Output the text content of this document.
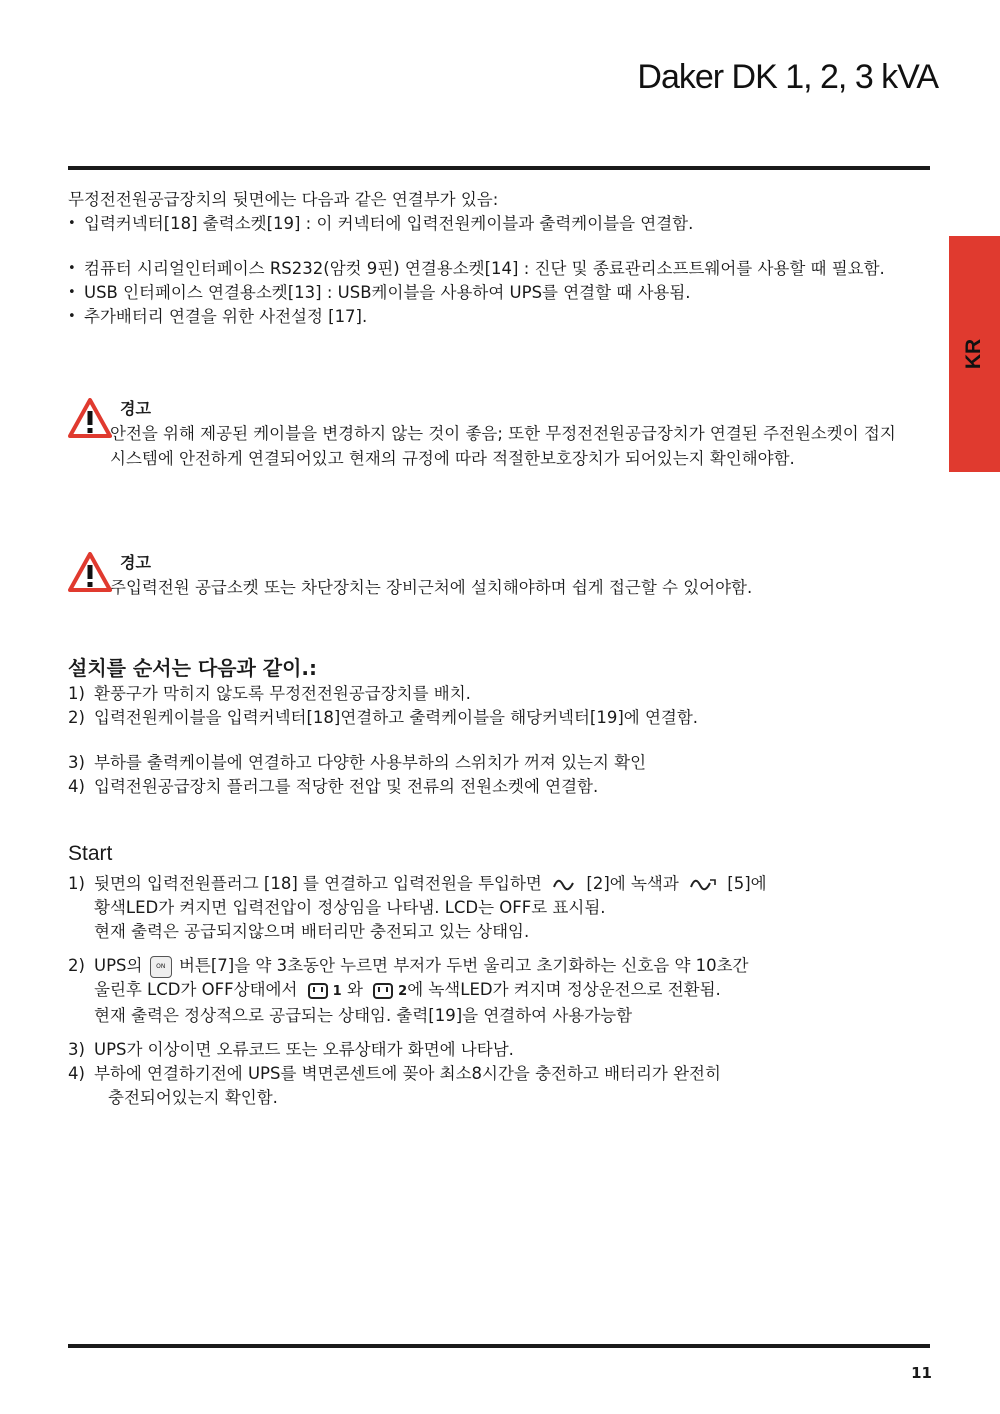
Daker DK 1, 2, 3 kVA
KR

무정전전원공급장치의 뒷면에는 다음과 같은 연결부가 있음:

• 입력커넥터[18] 출력소켓[19] : 이 커넥터에 입력전원케이블과 출력케이블을 연결함.

• 컴퓨터 시리얼인터페이스 RS232(암컷 9핀) 연결용소켓[14] : 진단 및 종료관리소프트웨어를 사용할 때 필요함.

• USB 인터페이스 연결용소켓[13] : USB케이블을 사용하여 UPS를 연결할 때 사용됨.

• 추가배터리 연결을 위한 사전설정 [17].

경고

안전을 위해 제공된 케이블을 변경하지 않는 것이 좋음; 또한 무정전전원공급장치가 연결된 주전원소켓이 접지시스템에 안전하게 연결되어있고 현재의 규정에 따라 적절한보호장치가 되어있는지 확인해야함.

경고

주입력전원 공급소켓 또는 차단장치는 장비근처에 설치해야하며 쉽게 접근할 수 있어야함.

설치를 순서는 다음과 같이.:

1) 환풍구가 막히지 않도록 무정전전원공급장치를 배치.

2) 입력전원케이블을 입력커넥터[18]연결하고 출력케이블을 해당커넥터[19]에 연결함.

3) 부하를 출력케이블에 연결하고 다양한 사용부하의 스위치가 꺼져 있는지 확인

4) 입력전원공급장치 플러그를 적당한 전압 및 전류의 전원소켓에 연결함.

Start

1) 뒷면의 입력전원플러그 [18] 를 연결하고 입력전원을 투입하면	[2]에 녹색과	[5]에

황색LED가 켜지면 입력전압이 정상임을 나타냄. LCD는 OFF로 표시됨.

현재 출력은 공급되지않으며 배터리만 충전되고 있는 상태임.

2) UPS의 ON 버튼[7]을 약 3초동안 누르면 부저가 두번 울리고 초기화하는 신호음 약 10초간

울린후 LCD가 OFF상태에서	1 와	2에 녹색LED가 켜지며 정상운전으로 전환됨.

현재 출력은 정상적으로 공급되는 상태임. 출력[19]을 연결하여 사용가능함

3) UPS가 이상이면 오류코드 또는 오류상태가 화면에 나타남.

4) 부하에 연결하기전에 UPS를 벽면콘센트에 꽂아 최소8시간을 충전하고 배터리가 완전히

충전되어있는지 확인함.

11
